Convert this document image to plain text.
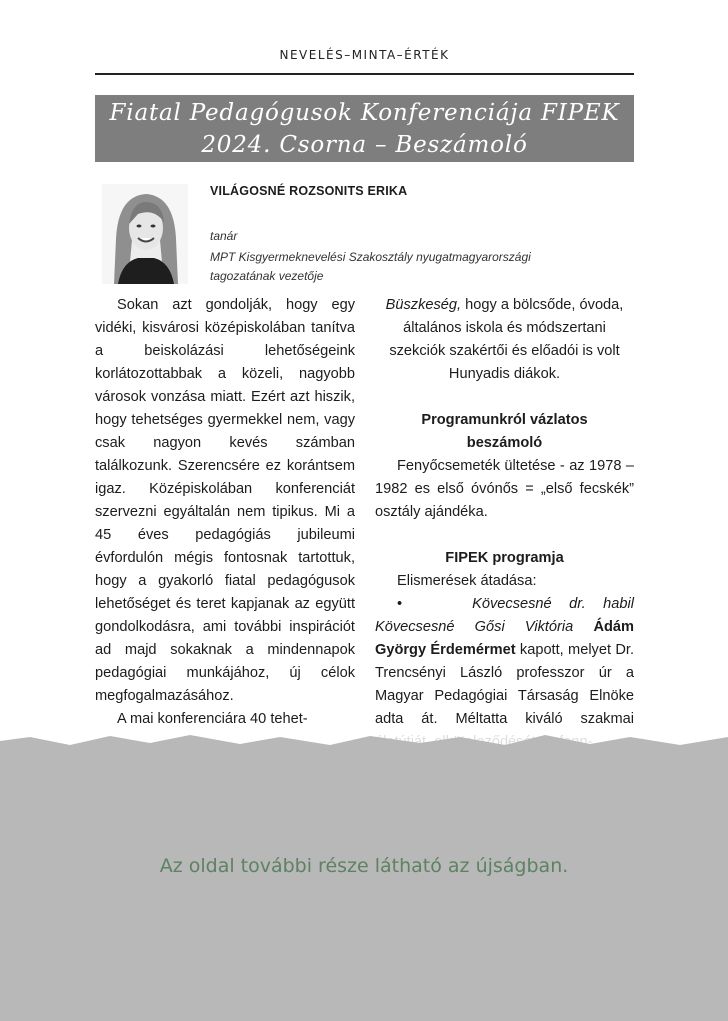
NEVELÉS–MINTA–ÉRTÉK
Fiatal Pedagógusok Konferenciája FIPEK
2024. Csorna – Beszámoló
VILÁGOSNÉ ROZSONITS ERIKA
tanár
MPT Kisgyermeknevelési Szakosztály nyugatmagyarországi
tagozatának vezetője

Sokan azt gondolják, hogy egy vidéki, kisvárosi középiskolában tanítva a beiskolázási lehetőségeink korlátozottabbak a közeli, nagyobb városok vonzása miatt. Ezért azt hiszik, hogy tehetséges gyermekkel nem, vagy csak nagyon kevés számban találkozunk. Szerencsére ez korántsem igaz. Középiskolában konferenciát szervezni egyáltalán nem tipikus. Mi a 45 éves pedagógiás jubileumi évfordulón mégis fontosnak tartottuk, hogy a gyakorló fiatal pedagógusok lehetőséget és teret kapjanak az együtt gondolkodásra, ami további inspirációt ad majd sokaknak a mindennapok pedagógiai munkájához, új célok megfogalmazásához.

A mai konferenciára 40 tehet-

Büszkeség, hogy a bölcsőde, óvoda, általános iskola és módszertani szekciók szakértői és előadói is volt Hunyadis diákok.

Programunkról vázlatos

beszámoló

Fenyőcsemeték ültetése - az 1978 – 1982 es első óvónős = „első fecskék” osztály ajándéka.

FIPEK programja

Elismerések átadása:

•	Kövecsesné dr. habil Kövecsesné Gősi Viktória Ádám György Érdemérmet kapott, melyet Dr. Trencsényi László professzor úr a Magyar Pedagógiai Társaság Elnöke adta át. Méltatta kiváló szakmai

Az oldal további része látható az újságban.
